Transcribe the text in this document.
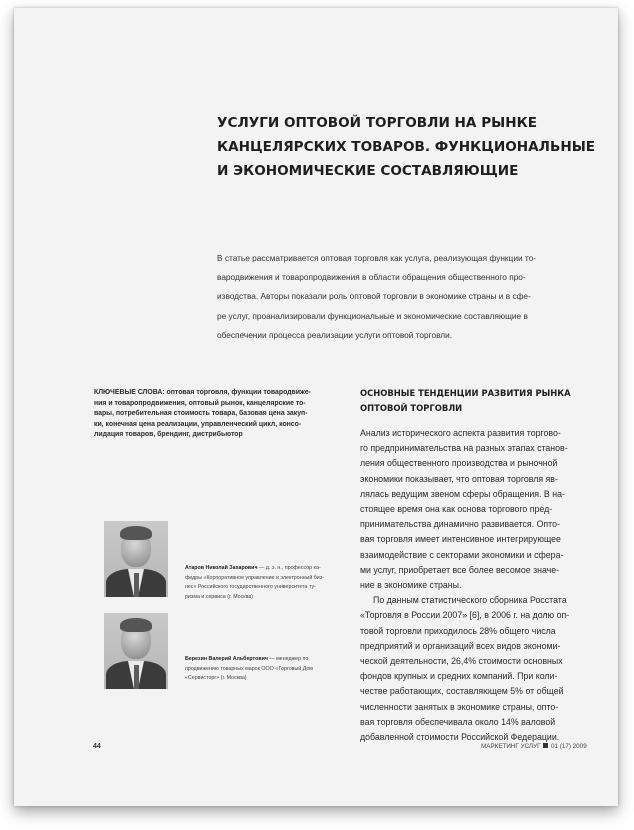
УСЛУГИ ОПТОВОЙ ТОРГОВЛИ НА РЫНКЕ
КАНЦЕЛЯРСКИХ ТОВАРОВ. ФУНКЦИОНАЛЬНЫЕ
И ЭКОНОМИЧЕСКИЕ СОСТАВЛЯЮЩИЕ
В статье рассматривается оптовая торговля как услуга, реализующая функции то-
вародвижения и товаропродвижения в области обращения общественного про-
изводства. Авторы показали роль оптовой торговли в экономике страны и в сфе-
ре услуг, проанализировали функциональные и экономические составляющие в
обеспечении процесса реализации услуги оптовой торговли.
КЛЮЧЕВЫЕ СЛОВА: оптовая торговля, функции товародвиже-
ния и товаропродвижения, оптовый рынок, канцелярские то-
вары, потребительная стоимость товара, базовая цена закуп-
ки, конечная цена реализации, управленческий цикл, консо-
лидация товаров, брендинг, дистрибьютор
ОСНОВНЫЕ ТЕНДЕНЦИИ РАЗВИТИЯ РЫНКА
ОПТОВОЙ ТОРГОВЛИ
Анализ исторического аспекта развития торгово-
го предпринимательства на разных этапах станов-
ления общественного производства и рыночной
экономики показывает, что оптовая торговля яв-
лялась ведущим звеном сферы обращения. В на-
стоящее время она как основа торгового пред-
принимательства динамично развивается. Опто-
вая торговля имеет интенсивное интегрирующее
взаимодействие с секторами экономики и сфера-
ми услуг, приобретает все более весомое значе-
ние в экономике страны.
По данным статистического сборника Росстата
«Торговля в России 2007» [6], в 2006 г. на долю оп-
товой торговли приходилось 28% общего числа
предприятий и организаций всех видов экономи-
ческой деятельности, 26,4% стоимости основных
фондов крупных и средних компаний. При коли-
честве работающих, составляющем 5% от общей
численности занятых в экономике страны, опто-
вая торговля обеспечивала около 14% валовой
добавленной стоимости Российской Федерации.
Атаров Николай Захарович — д. э. н., профессор ка-
федры «Корпоративное управление и электронный биз-
нес» Российского государственного университета ту-
ризма и сервиса (г. Москва)
Березин Валерий Альбертович — менеджер по
продвижению товарных марок ООО «Торговый Дом
«Сервисторг» (г. Москва)
44	МАРКЕТИНГ УСЛУГ 01 (17) 2009
